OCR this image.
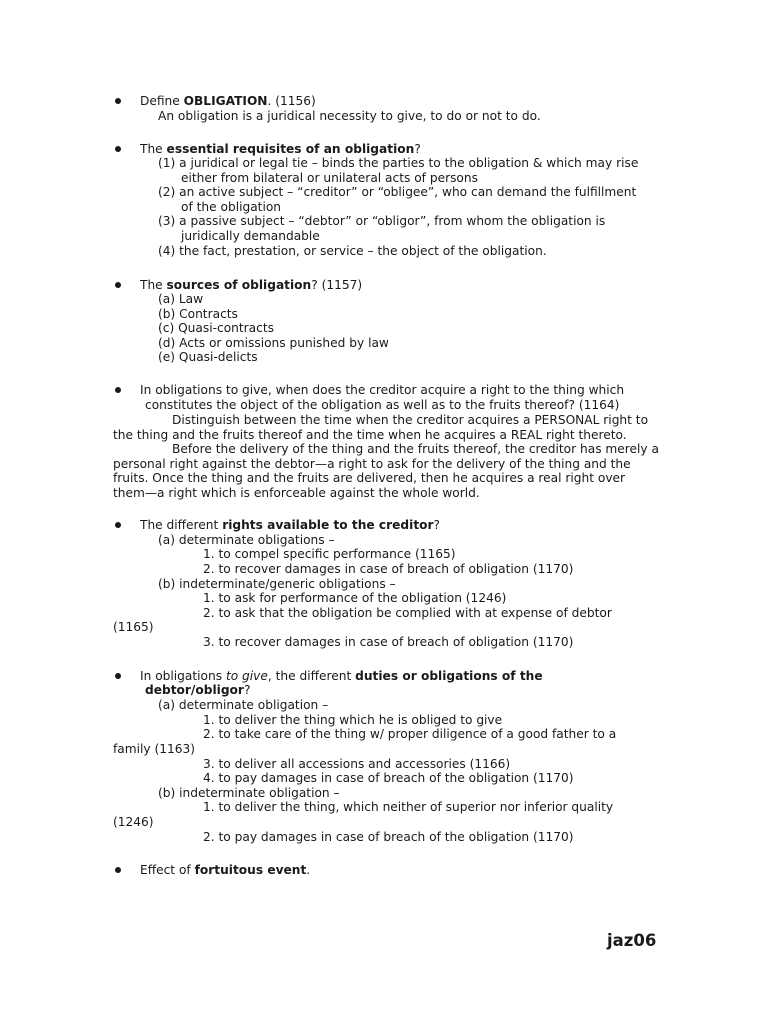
Define OBLIGATION. (1156)
An obligation is a juridical necessity to give, to do or not to do.
The essential requisites of an obligation?
(1) a juridical or legal tie – binds the parties to the obligation & which may rise
either from bilateral or unilateral acts of persons
(2) an active subject – “creditor” or “obligee”, who can demand the fulfillment
of the obligation
(3) a passive subject – “debtor” or “obligor”, from whom the obligation is
juridically demandable
(4) the fact, prestation, or service – the object of the obligation.
The sources of obligation? (1157)
(a) Law
(b) Contracts
(c) Quasi-contracts
(d) Acts or omissions punished by law
(e) Quasi-delicts
In obligations to give, when does the creditor acquire a right to the thing which
constitutes the object of the obligation as well as to the fruits thereof? (1164)
Distinguish between the time when the creditor acquires a PERSONAL right to
the thing and the fruits thereof and the time when he acquires a REAL right thereto.
Before the delivery of the thing and the fruits thereof, the creditor has merely a
personal right against the debtor—a right to ask for the delivery of the thing and the
fruits. Once the thing and the fruits are delivered, then he acquires a real right over
them—a right which is enforceable against the whole world.
The different rights available to the creditor?
(a) determinate obligations –
1. to compel specific performance (1165)
2. to recover damages in case of breach of obligation (1170)
(b) indeterminate/generic obligations –
1. to ask for performance of the obligation (1246)
2. to ask that the obligation be complied with at expense of debtor
(1165)
3. to recover damages in case of breach of obligation (1170)
In obligations to give, the different duties or obligations of the
debtor/obligor?
(a) determinate obligation –
1. to deliver the thing which he is obliged to give
2. to take care of the thing w/ proper diligence of a good father to a
family (1163)
3. to deliver all accessions and accessories (1166)
4. to pay damages in case of breach of the obligation (1170)
(b) indeterminate obligation –
1. to deliver the thing, which neither of superior nor inferior quality
(1246)
2. to pay damages in case of breach of the obligation (1170)
Effect of fortuitous event.
jaz06
